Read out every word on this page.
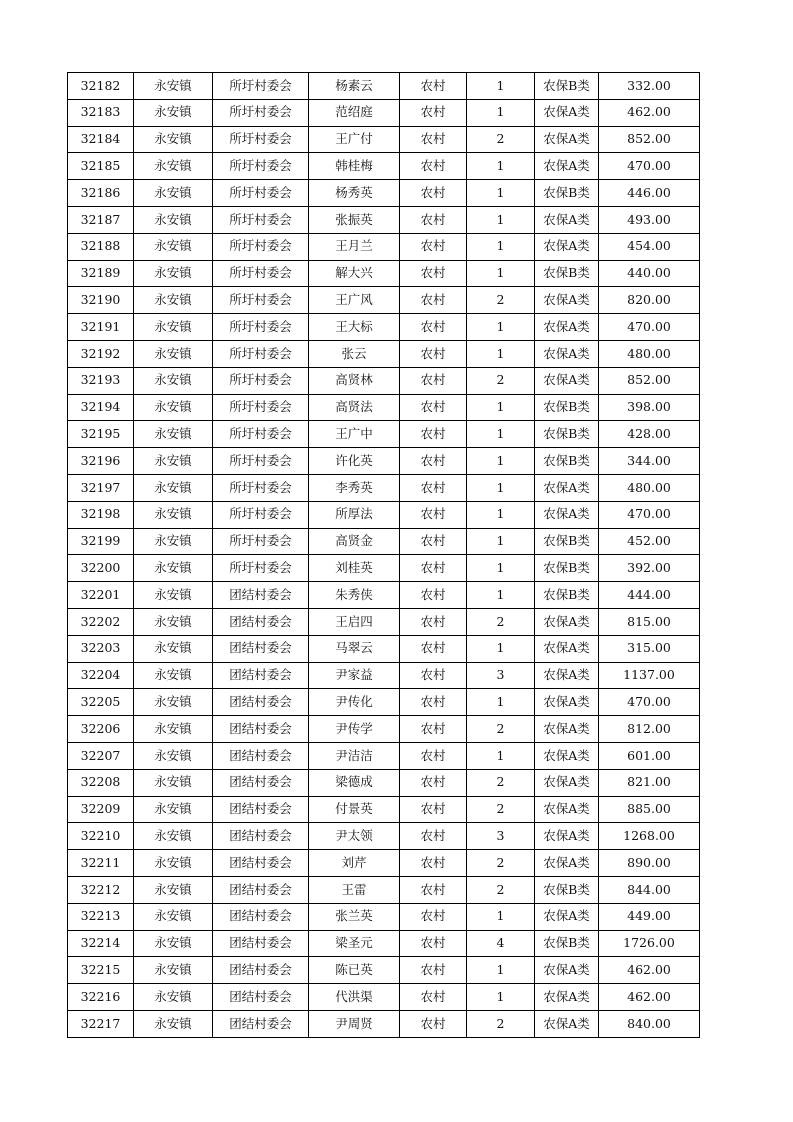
32182	永安镇	所圩村委会	杨素云	农村	1	农保B类	332.00
32183	永安镇	所圩村委会	范绍庭	农村	1	农保A类	462.00
32184	永安镇	所圩村委会	王广付	农村	2	农保A类	852.00
32185	永安镇	所圩村委会	韩桂梅	农村	1	农保A类	470.00
32186	永安镇	所圩村委会	杨秀英	农村	1	农保B类	446.00
32187	永安镇	所圩村委会	张振英	农村	1	农保A类	493.00
32188	永安镇	所圩村委会	王月兰	农村	1	农保A类	454.00
32189	永安镇	所圩村委会	解大兴	农村	1	农保B类	440.00
32190	永安镇	所圩村委会	王广风	农村	2	农保A类	820.00
32191	永安镇	所圩村委会	王大标	农村	1	农保A类	470.00
32192	永安镇	所圩村委会	张云	农村	1	农保A类	480.00
32193	永安镇	所圩村委会	高贤林	农村	2	农保A类	852.00
32194	永安镇	所圩村委会	高贤法	农村	1	农保B类	398.00
32195	永安镇	所圩村委会	王广中	农村	1	农保B类	428.00
32196	永安镇	所圩村委会	许化英	农村	1	农保B类	344.00
32197	永安镇	所圩村委会	李秀英	农村	1	农保A类	480.00
32198	永安镇	所圩村委会	所厚法	农村	1	农保A类	470.00
32199	永安镇	所圩村委会	高贤金	农村	1	农保B类	452.00
32200	永安镇	所圩村委会	刘桂英	农村	1	农保B类	392.00
32201	永安镇	团结村委会	朱秀侠	农村	1	农保B类	444.00
32202	永安镇	团结村委会	王启四	农村	2	农保A类	815.00
32203	永安镇	团结村委会	马翠云	农村	1	农保A类	315.00
32204	永安镇	团结村委会	尹家益	农村	3	农保A类	1137.00
32205	永安镇	团结村委会	尹传化	农村	1	农保A类	470.00
32206	永安镇	团结村委会	尹传学	农村	2	农保A类	812.00
32207	永安镇	团结村委会	尹洁洁	农村	1	农保A类	601.00
32208	永安镇	团结村委会	梁德成	农村	2	农保A类	821.00
32209	永安镇	团结村委会	付景英	农村	2	农保A类	885.00
32210	永安镇	团结村委会	尹太领	农村	3	农保A类	1268.00
32211	永安镇	团结村委会	刘芹	农村	2	农保A类	890.00
32212	永安镇	团结村委会	王雷	农村	2	农保B类	844.00
32213	永安镇	团结村委会	张兰英	农村	1	农保A类	449.00
32214	永安镇	团结村委会	梁圣元	农村	4	农保B类	1726.00
32215	永安镇	团结村委会	陈已英	农村	1	农保A类	462.00
32216	永安镇	团结村委会	代洪渠	农村	1	农保A类	462.00
32217	永安镇	团结村委会	尹周贤	农村	2	农保A类	840.00
